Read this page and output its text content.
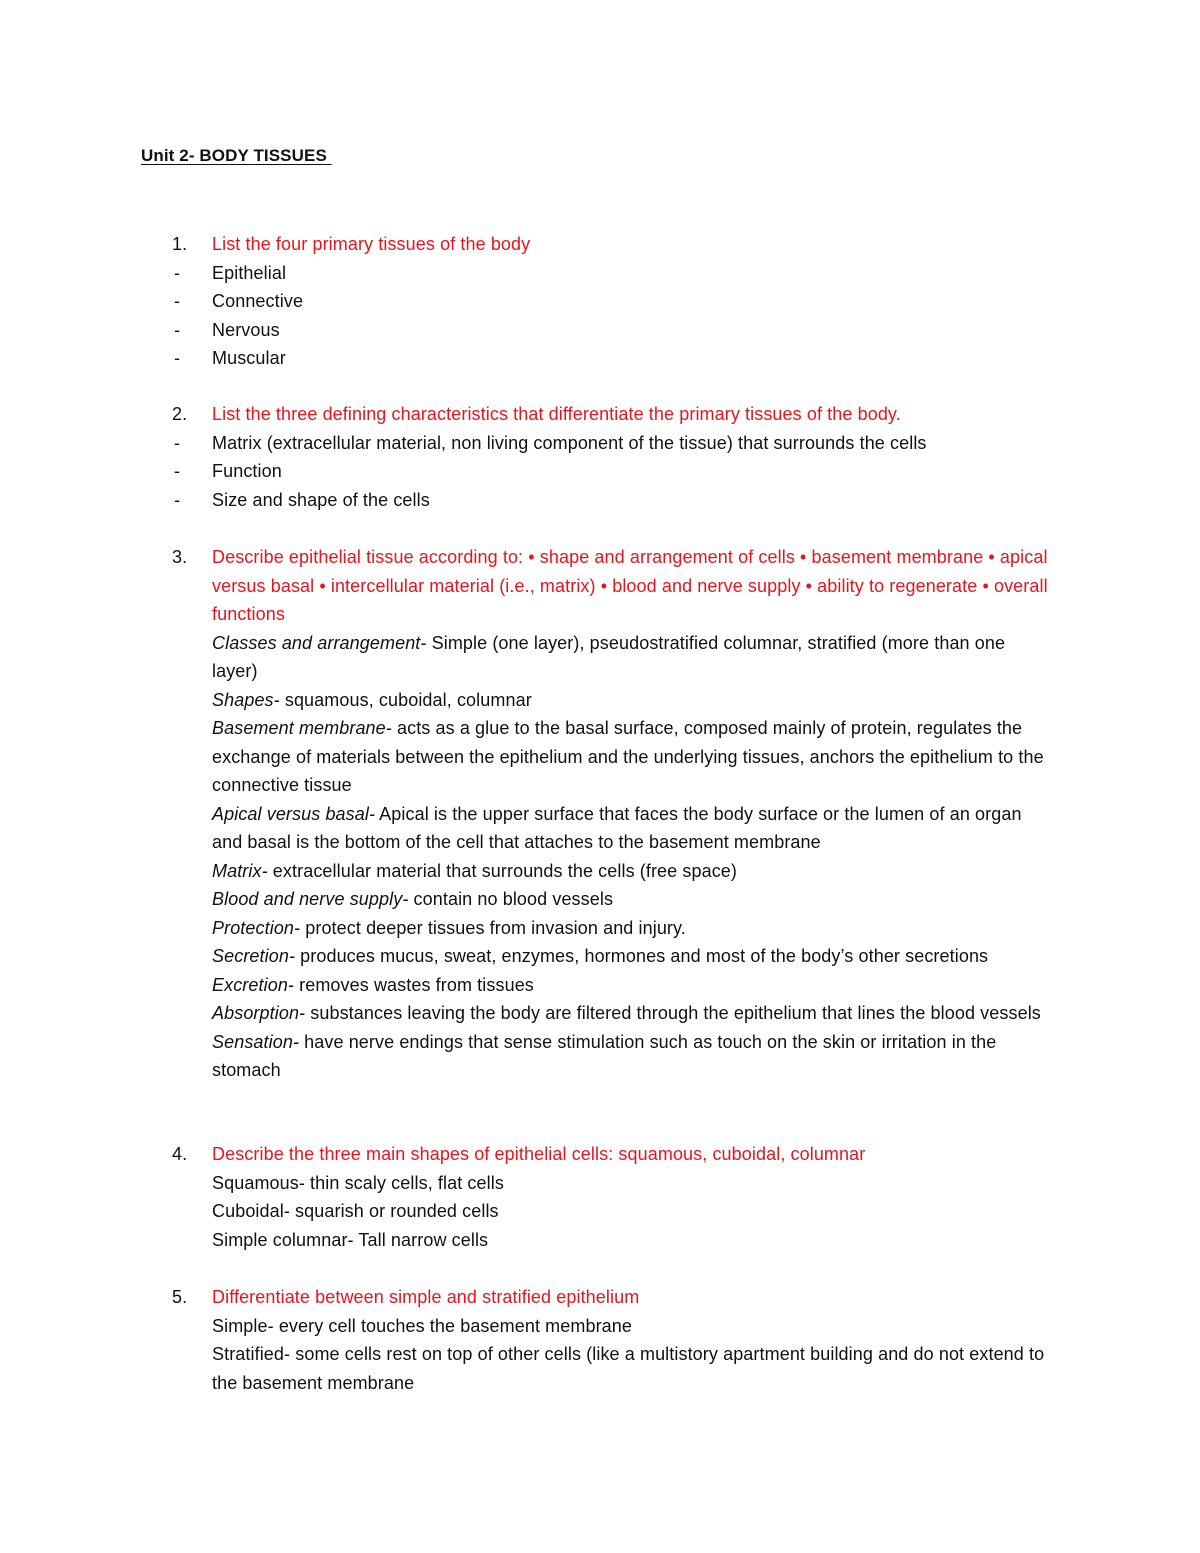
Unit 2- BODY TISSUES
1. List the four primary tissues of the body
- Epithelial
- Connective
- Nervous
- Muscular
2. List the three defining characteristics that differentiate the primary tissues of the body.
- Matrix (extracellular material, non living component of the tissue) that surrounds the cells
- Function
- Size and shape of the cells
3. Describe epithelial tissue according to: • shape and arrangement of cells • basement membrane • apical versus basal • intercellular material (i.e., matrix) • blood and nerve supply • ability to regenerate • overall functions
Classes and arrangement- Simple (one layer), pseudostratified columnar, stratified (more than one layer)
Shapes- squamous, cuboidal, columnar
Basement membrane- acts as a glue to the basal surface, composed mainly of protein, regulates the exchange of materials between the epithelium and the underlying tissues, anchors the epithelium to the connective tissue
Apical versus basal- Apical is the upper surface that faces the body surface or the lumen of an organ and basal is the bottom of the cell that attaches to the basement membrane
Matrix- extracellular material that surrounds the cells (free space)
Blood and nerve supply- contain no blood vessels
Protection- protect deeper tissues from invasion and injury.
Secretion- produces mucus, sweat, enzymes, hormones and most of the body’s other secretions
Excretion- removes wastes from tissues
Absorption- substances leaving the body are filtered through the epithelium that lines the blood vessels
Sensation- have nerve endings that sense stimulation such as touch on the skin or irritation in the stomach
4. Describe the three main shapes of epithelial cells: squamous, cuboidal, columnar
Squamous- thin scaly cells, flat cells
Cuboidal- squarish or rounded cells
Simple columnar- Tall narrow cells
5. Differentiate between simple and stratified epithelium
Simple- every cell touches the basement membrane
Stratified- some cells rest on top of other cells (like a multistory apartment building and do not extend to the basement membrane
